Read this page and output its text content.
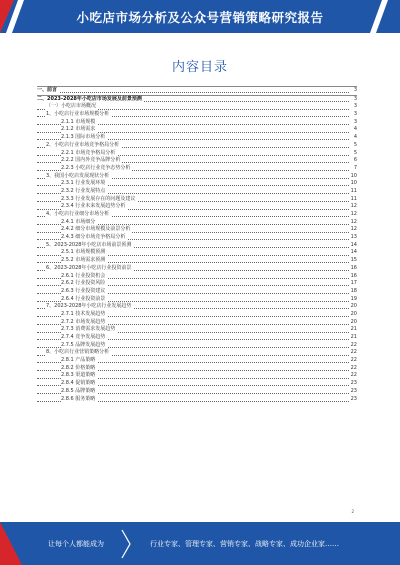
小吃店市场分析及公众号营销策略研究报告
内容目录
一、前言	3
二、2023-2028年小吃店市场发展及前景预测	3
（一）小吃店市场概况	3
1、小吃店行业市场规模分析	3
2.1.1 市场规模	3
2.1.2 市场需求	4
2.1.3 国际市场分析	4
2、小吃店行业市场竞争格局分析	5
2.2.1 市场竞争格局分析	5
2.2.2 国内外竞争品牌分析	6
2.2.3 小吃店行业竞争态势分析	7
3、我国小吃店发展现状分析	10
2.3.1 行业发展环境	10
2.3.2 行业发展特点	11
2.3.3 行业发展存在的问题及建议	11
2.3.4 行业未来发展趋势分析	12
4、小吃店行业细分市场分析	12
2.4.1 市场细分	12
2.4.2 细分市场规模及前景分析	12
2.4.3 细分市场竞争格局分析	13
5、2023-2028年小吃店市场前景预测	14
2.5.1 市场规模预测	14
2.5.2 市场需求预测	15
6、2023-2028年小吃店行业投资前景	16
2.6.1 行业投资机会	16
2.6.2 行业投资风险	17
2.6.3 行业投资建议	18
2.6.4 行业投资前景	19
7、2023-2028年小吃店行业发展趋势	20
2.7.1 技术发展趋势	20
2.7.2 市场发展趋势	20
2.7.3 消费需求发展趋势	21
2.7.4 竞争发展趋势	21
2.7.5 品牌发展趋势	22
8、小吃店行业营销策略分析	22
2.8.1 产品策略	22
2.8.2 价格策略	22
2.8.3 渠道策略	22
2.8.4 促销策略	23
2.8.5 品牌策略	23
2.8.6 服务策略	23
2
让每个人都能成为	行业专家、管理专家、营销专家、战略专家、成功企业家……
